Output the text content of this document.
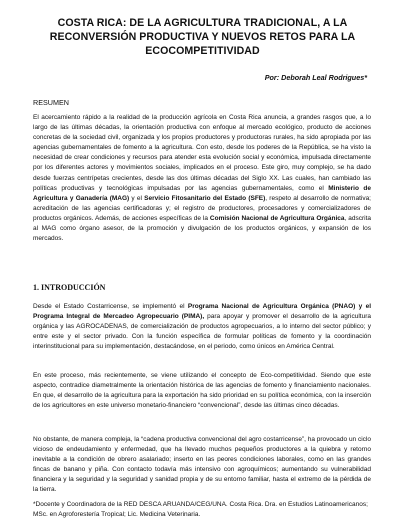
COSTA RICA: DE LA AGRICULTURA TRADICIONAL, A LA
RECONVERSIÓN PRODUCTIVA Y NUEVOS RETOS PARA LA
ECOCOMPETITIVIDAD
Por: Deborah Leal Rodrigues*
RESUMEN

El acercamiento rápido a la realidad de la producción agrícola en Costa Rica anuncia, a grandes rasgos que, a lo largo de las últimas décadas, la orientación productiva con enfoque al mercado ecológico, producto de acciones concretas de la sociedad civil, organizada y los propios productores y productoras rurales, ha sido apropiada por las agencias gubernamentales de fomento a la agricultura. Con esto, desde los poderes de la República, se ha visto la necesidad de crear condiciones y recursos para atender esta evolución social y económica, impulsada directamente por los diferentes actores y movimientos sociales, implicados en el proceso. Este giro, muy complejo, se ha dado desde fuerzas centrípetas crecientes, desde las dos últimas décadas del Siglo XX. Las cuales, han cambiado las políticas productivas y tecnológicas impulsadas por las agencias gubernamentales, como el Ministerio de Agricultura y Ganadería (MAG) y el Servicio Fitosanitario del Estado (SFE), respeto al desarrollo de normativa; acreditación de las agencias certificadoras y; el registro de productores, procesadores y comercializadores de productos orgánicos. Además, de acciones específicas de la Comisión Nacional de Agricultura Orgánica, adscrita al MAG como órgano asesor, de la promoción y divulgación de los productos orgánicos, y expansión de los mercados.

1. INTRODUCCIÓN

Desde el Estado Costarricense, se implementó el Programa Nacional de Agricultura Orgánica (PNAO) y el Programa Integral de Mercadeo Agropecuario (PIMA), para apoyar y promover el desarrollo de la agricultura orgánica y las AGROCADENAS, de comercialización de productos agropecuarios, a lo interno del sector público; y entre este y el sector privado. Con la función específica de formular políticas de fomento y la coordinación interinstitucional para su implementación, destacándose, en el periodo, como únicos en América Central.

En este proceso, más recientemente, se viene utilizando el concepto de Eco-competitividad. Siendo que este aspecto, contradice diametralmente la orientación histórica de las agencias de fomento y financiamiento nacionales. En que, el desarrollo de la agricultura para la exportación ha sido prioridad en su política económica, con la inserción de los agricultores en este universo monetario-financiero “convencional”, desde las últimas cinco décadas.

No obstante, de manera compleja, la “cadena productiva convencional del agro costarricense”, ha provocado un ciclo vicioso de endeudamiento y enfermedad, que ha llevado muchos pequeños productores a la quiebra y retorno inevitable a la condición de obrero asalariado; inserto en las peores condiciones laborales, como en las grandes fincas de banano y piña. Con contacto todavía más intensivo con agroquímicos; aumentando su vulnerabilidad financiera y la seguridad y la seguridad y sanidad propia y de su entorno familiar, hasta el extremo de la pérdida de la tierra.

*Docente y Coordinadora de la RED DESCA ARUANDA/CEG/UNA. Costa Rica. Dra. en Estudios Latinoamericanos; MSc. en Agroforestería Tropical; Lic. Medicina Veterinaria.
